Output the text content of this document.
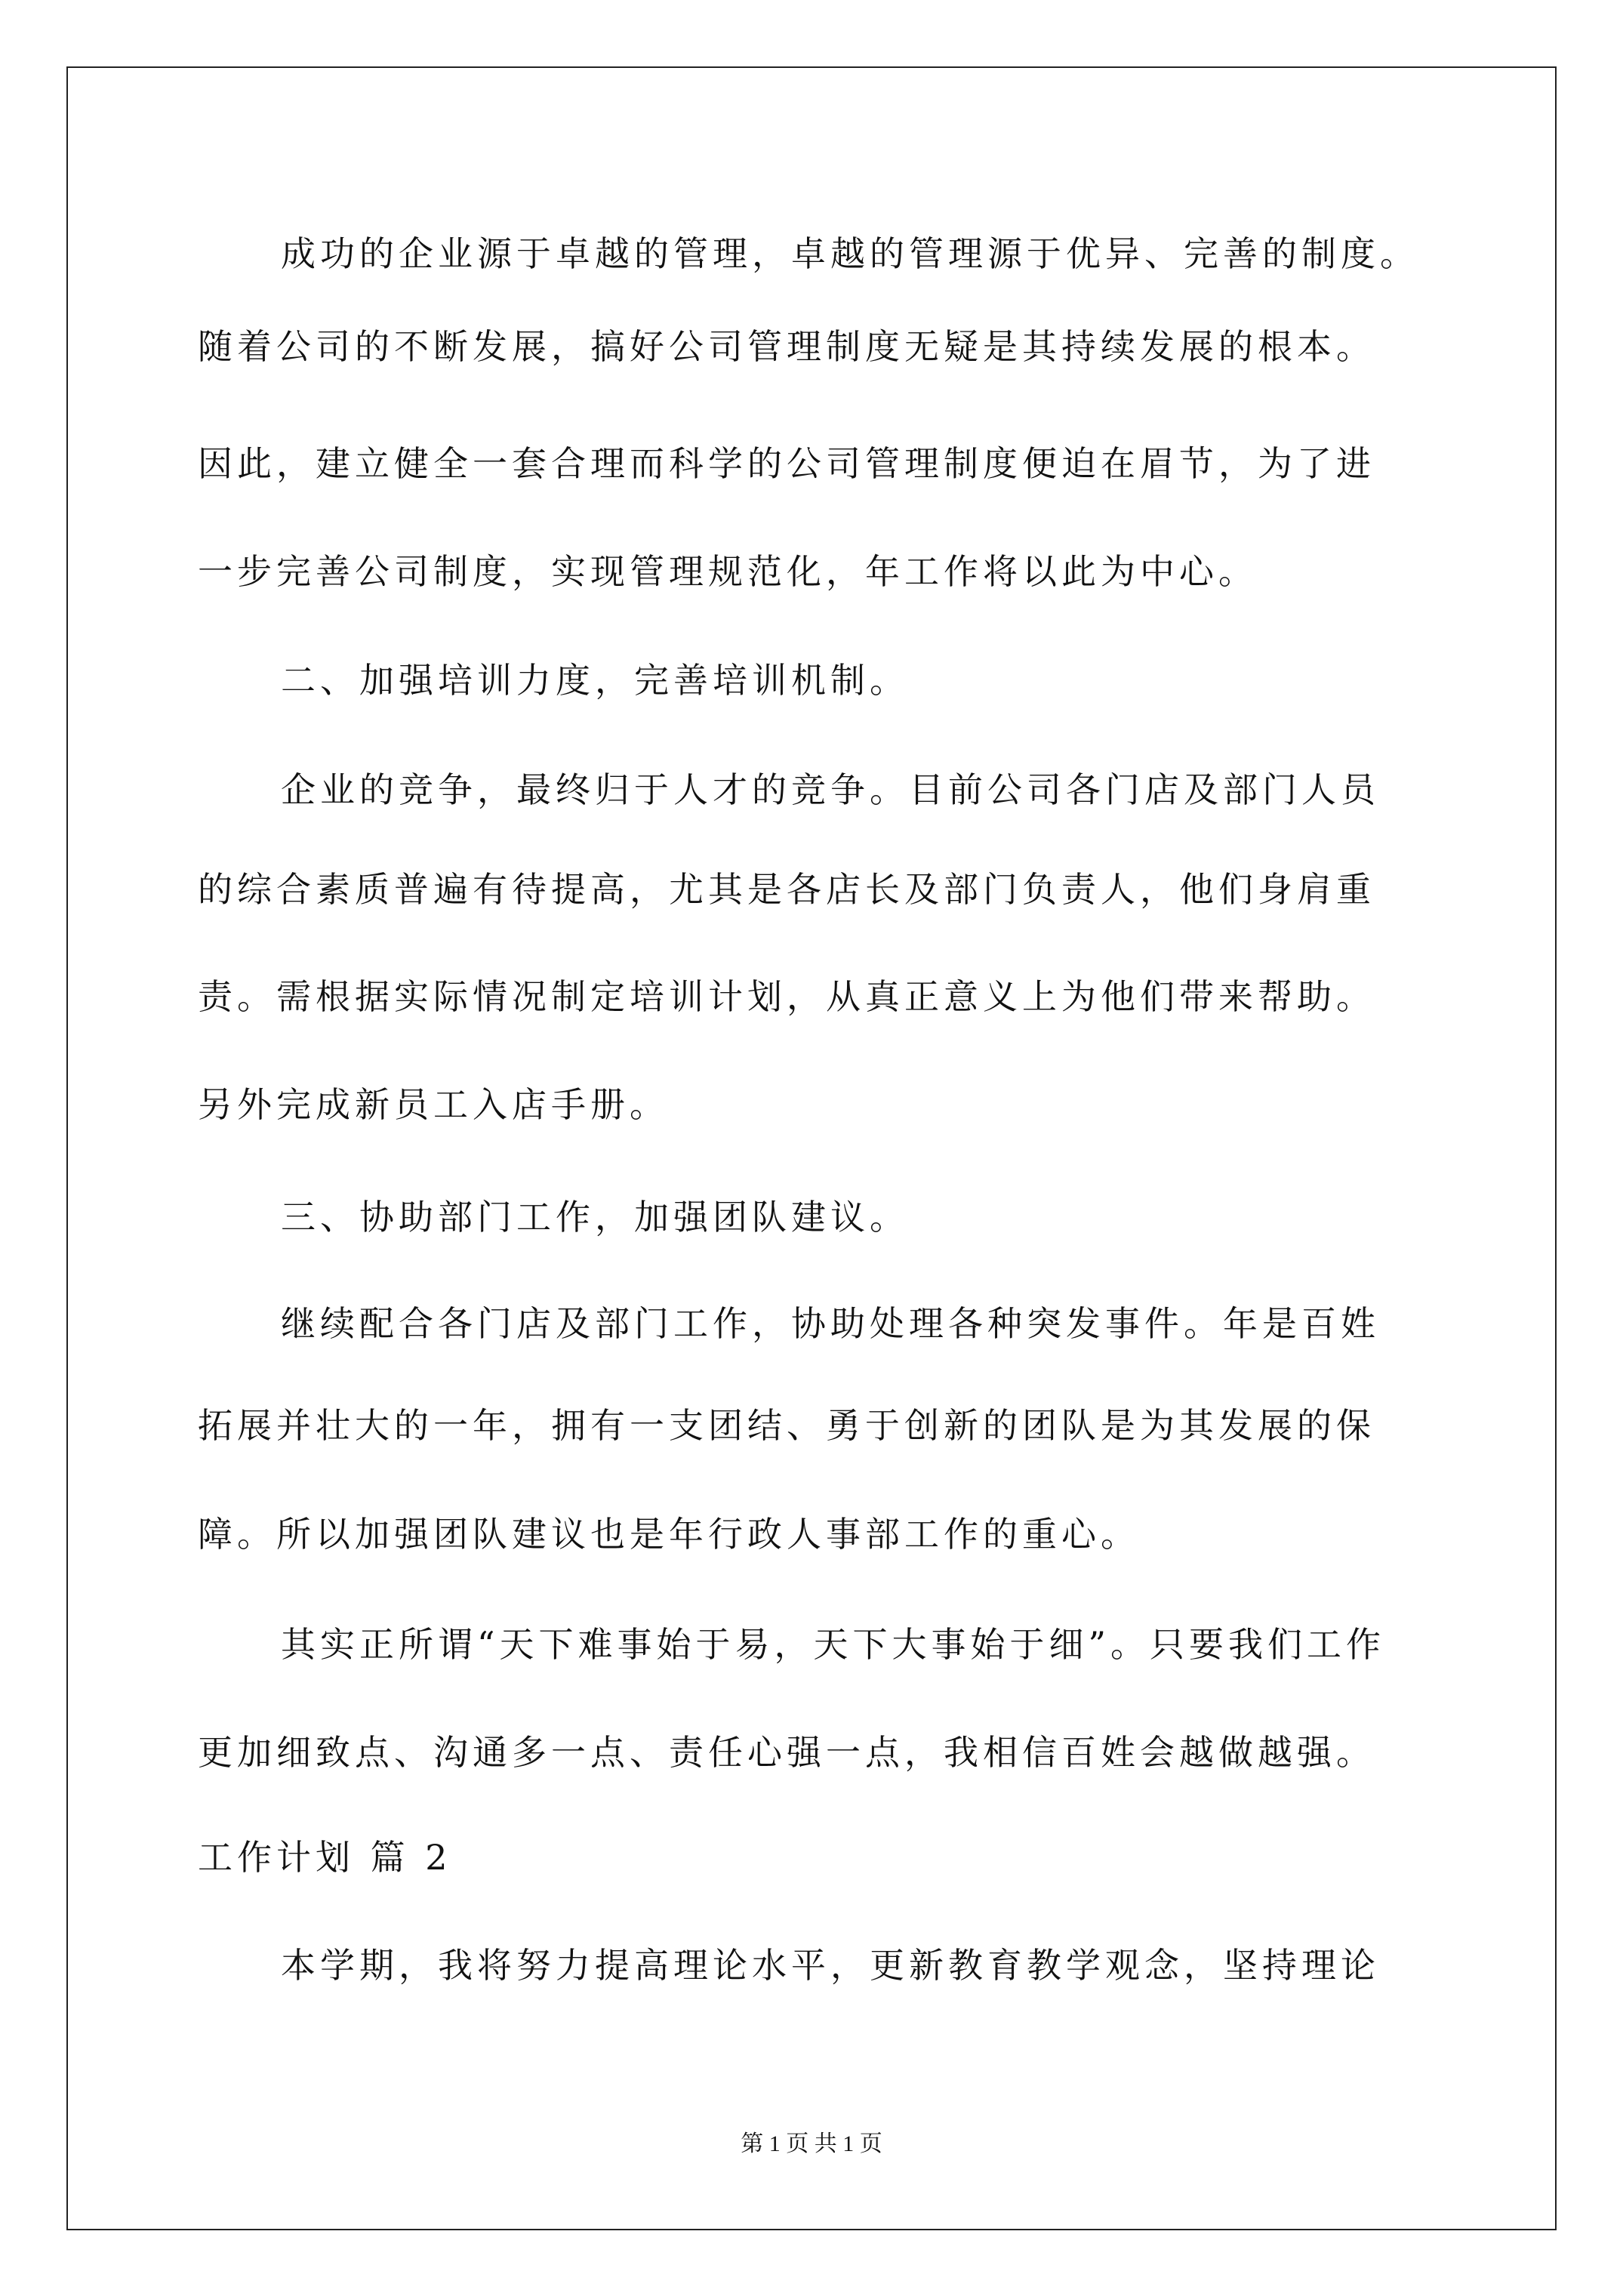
成功的企业源于卓越的管理，卓越的管理源于优异、完善的制度。
随着公司的不断发展，搞好公司管理制度无疑是其持续发展的根本。
因此，建立健全一套合理而科学的公司管理制度便迫在眉节，为了进
一步完善公司制度，实现管理规范化，年工作将以此为中心。
二、加强培训力度，完善培训机制。
企业的竞争，最终归于人才的竞争。目前公司各门店及部门人员
的综合素质普遍有待提高，尤其是各店长及部门负责人，他们身肩重
责。需根据实际情况制定培训计划，从真正意义上为他们带来帮助。
另外完成新员工入店手册。
三、协助部门工作，加强团队建议。
继续配合各门店及部门工作，协助处理各种突发事件。年是百姓
拓展并壮大的一年，拥有一支团结、勇于创新的团队是为其发展的保
障。所以加强团队建议也是年行政人事部工作的重心。
其实正所谓“天下难事始于易，天下大事始于细”。只要我们工作
更加细致点、沟通多一点、责任心强一点，我相信百姓会越做越强。
工作计划 篇 2
本学期，我将努力提高理论水平，更新教育教学观念，坚持理论
第 1 页 共 1 页
